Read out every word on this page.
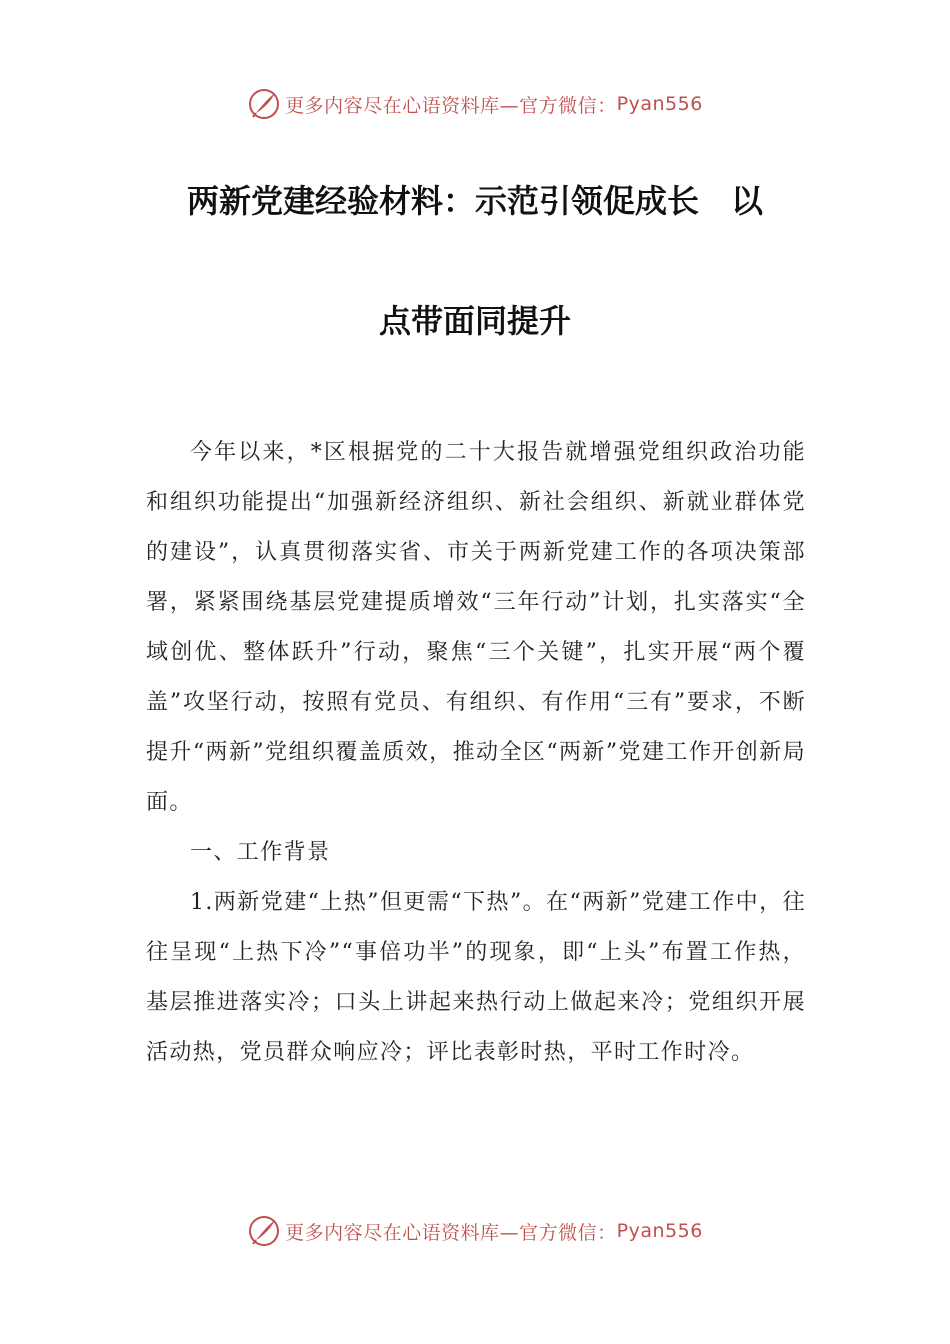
更多内容尽在心语资料库—官方微信： Pyan556
两新党建经验材料：示范引领促成长　以
点带面同提升

今年以来，*区根据党的二十大报告就增强党组织政治功能和组织功能提出“加强新经济组织、新社会组织、新就业群体党的建设”，认真贯彻落实省、市关于两新党建工作的各项决策部署，紧紧围绕基层党建提质增效“三年行动”计划，扎实落实“全域创优、整体跃升”行动，聚焦“三个关键”，扎实开展“两个覆盖”攻坚行动，按照有党员、有组织、有作用“三有”要求，不断提升“两新”党组织覆盖质效，推动全区“两新”党建工作开创新局面。

一、工作背景

1.两新党建“上热”但更需“下热”。在“两新”党建工作中，往往呈现“上热下冷”“事倍功半”的现象，即“上头”布置工作热，基层推进落实冷；口头上讲起来热行动上做起来冷；党组织开展活动热，党员群众响应冷；评比表彰时热，平时工作时冷。

更多内容尽在心语资料库—官方微信： Pyan556
